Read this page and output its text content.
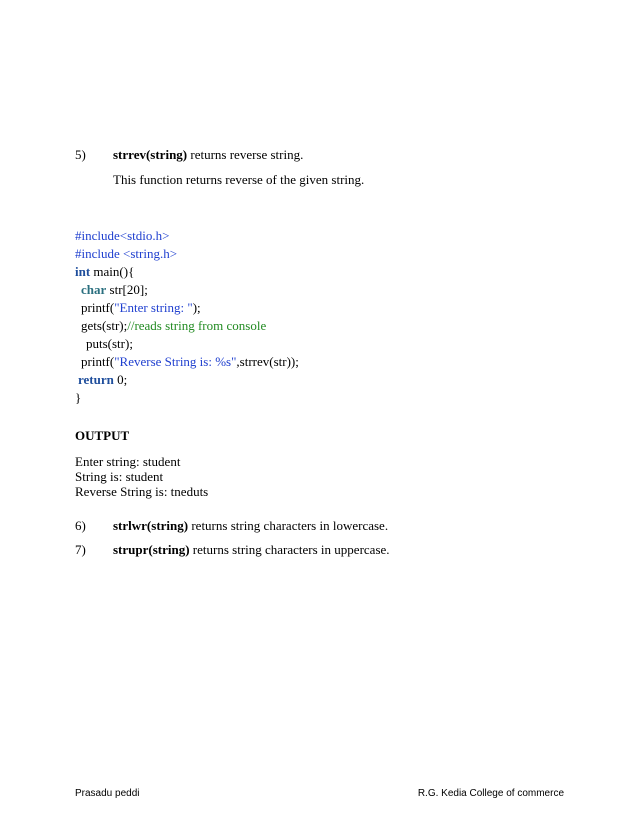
5) strrev(string) returns reverse string.
This function returns reverse of the given string.
#include<stdio.h>
#include <string.h>
int main(){
char str[20];
printf("Enter string: ");
gets(str);//reads string from console
puts(str);
printf("Reverse String is: %s",strrev(str));
return 0;
}
OUTPUT
Enter string: student
String is: student
Reverse String is: tneduts
6) strlwr(string) returns string characters in lowercase.
7) strupr(string) returns string characters in uppercase.
Prasadu peddi	R.G. Kedia College of commerce
